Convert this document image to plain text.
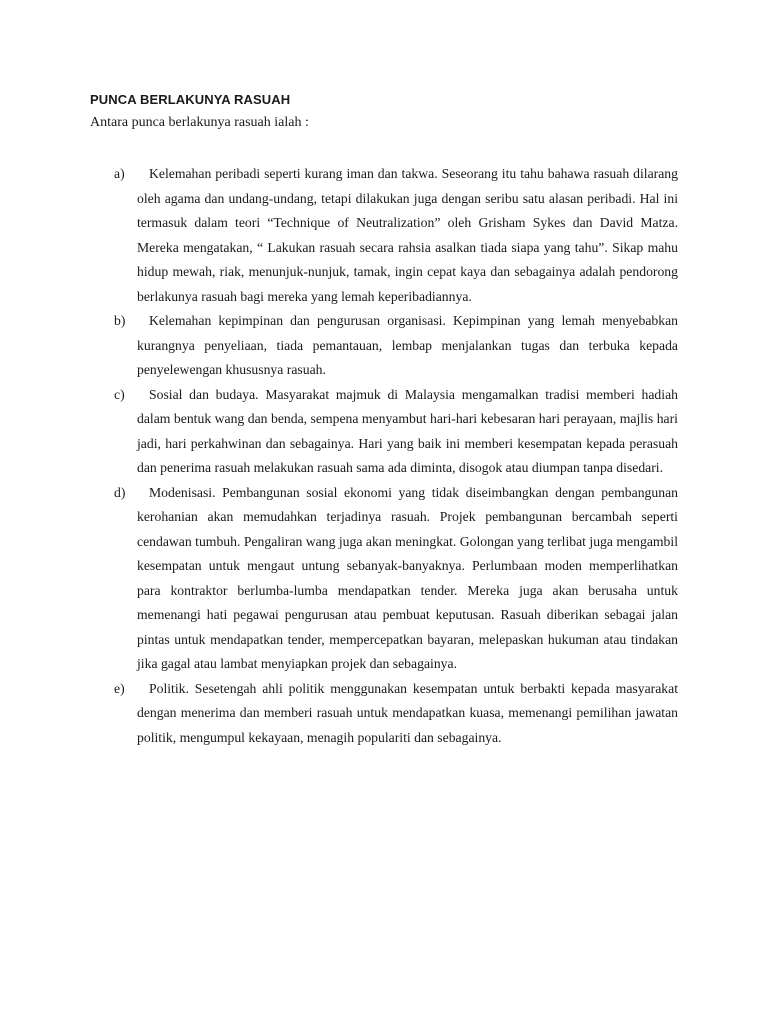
PUNCA BERLAKUNYA RASUAH
Antara punca berlakunya rasuah ialah :
a)	Kelemahan peribadi seperti kurang iman dan takwa. Seseorang itu tahu bahawa rasuah dilarang oleh agama dan undang-undang, tetapi dilakukan juga dengan seribu satu alasan peribadi. Hal ini termasuk dalam teori “Technique of Neutralization” oleh Grisham Sykes dan David Matza. Mereka mengatakan, “ Lakukan rasuah secara rahsia asalkan tiada siapa yang tahu”. Sikap mahu hidup mewah, riak, menunjuk-nunjuk, tamak, ingin cepat kaya dan sebagainya adalah pendorong berlakunya rasuah bagi mereka yang lemah keperibadiannya.
b)	Kelemahan kepimpinan dan pengurusan organisasi. Kepimpinan yang lemah menyebabkan kurangnya penyeliaan, tiada pemantauan, lembap menjalankan tugas dan terbuka kepada penyelewengan khususnya rasuah.
c)	Sosial dan budaya. Masyarakat majmuk di Malaysia mengamalkan tradisi memberi hadiah dalam bentuk wang dan benda, sempena menyambut hari-hari kebesaran hari perayaan, majlis hari jadi, hari perkahwinan dan sebagainya. Hari yang baik ini memberi kesempatan kepada perasuah dan penerima rasuah melakukan rasuah sama ada diminta, disogok atau diumpan tanpa disedari.
d)	Modenisasi. Pembangunan sosial ekonomi yang tidak diseimbangkan dengan pembangunan kerohanian akan memudahkan terjadinya rasuah. Projek pembangunan bercambah seperti cendawan tumbuh. Pengaliran wang juga akan meningkat. Golongan yang terlibat juga mengambil kesempatan untuk mengaut untung sebanyak-banyaknya. Perlumbaan moden memperlihatkan para kontraktor berlumba-lumba mendapatkan tender. Mereka juga akan berusaha untuk memenangi hati pegawai pengurusan atau pembuat keputusan. Rasuah diberikan sebagai jalan pintas untuk mendapatkan tender, mempercepatkan bayaran, melepaskan hukuman atau tindakan jika gagal atau lambat menyiapkan projek dan sebagainya.
e)	Politik. Sesetengah ahli politik menggunakan kesempatan untuk berbakti kepada masyarakat dengan menerima dan memberi rasuah untuk mendapatkan kuasa, memenangi pemilihan jawatan politik, mengumpul kekayaan, menagih populariti dan sebagainya.
